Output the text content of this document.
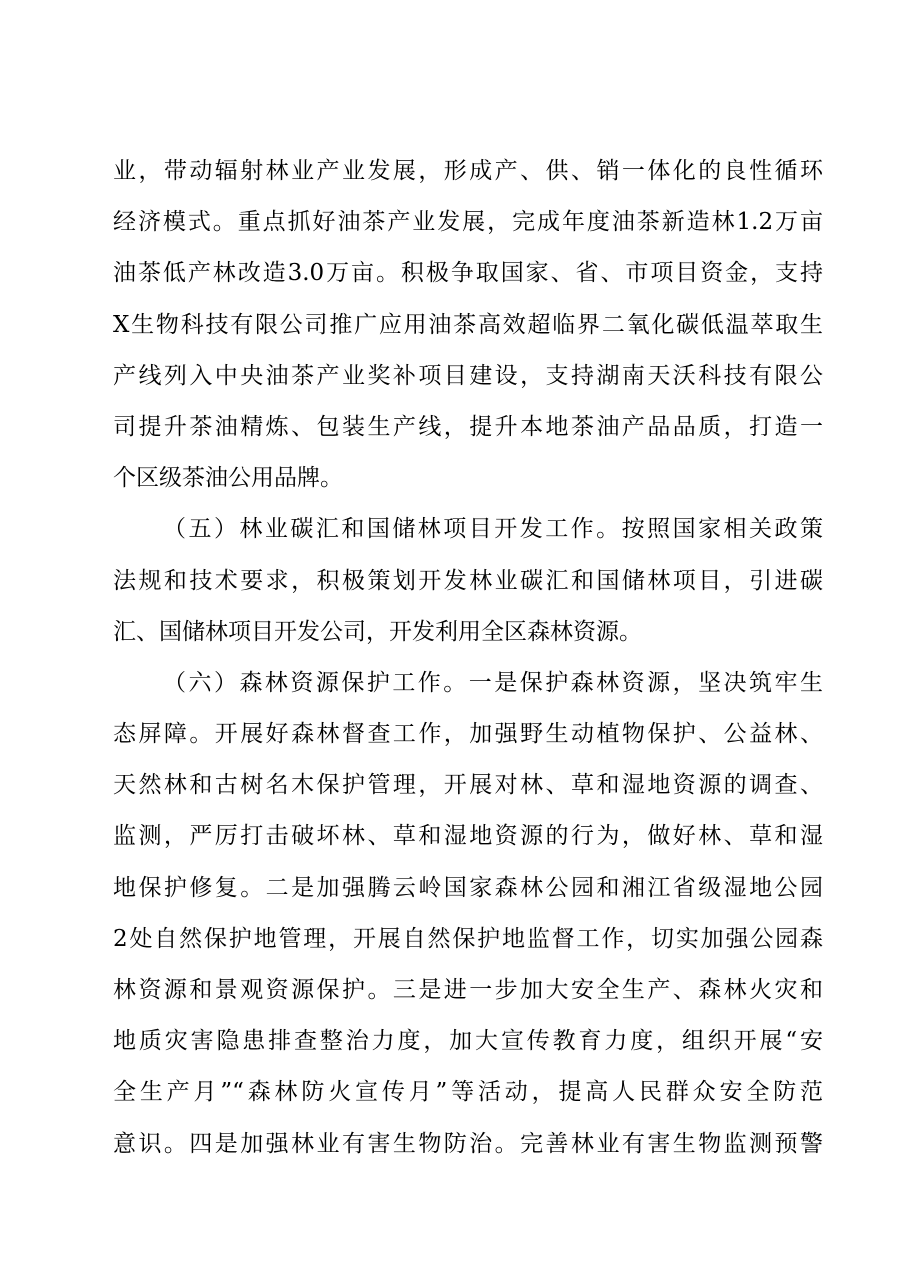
业，带动辐射林业产业发展，形成产、供、销一体化的良性循环
经济模式。重点抓好油茶产业发展，完成年度油茶新造林1.2万亩
油茶低产林改造3.0万亩。积极争取国家、省、市项目资金，支持
X生物科技有限公司推广应用油茶高效超临界二氧化碳低温萃取生
产线列入中央油茶产业奖补项目建设，支持湖南天沃科技有限公
司提升茶油精炼、包装生产线，提升本地茶油产品品质，打造一
个区级茶油公用品牌。
（五）林业碳汇和国储林项目开发工作。按照国家相关政策
法规和技术要求，积极策划开发林业碳汇和国储林项目，引进碳
汇、国储林项目开发公司，开发利用全区森林资源。
（六）森林资源保护工作。一是保护森林资源，坚决筑牢生
态屏障。开展好森林督查工作，加强野生动植物保护、公益林、
天然林和古树名木保护管理，开展对林、草和湿地资源的调查、
监测，严厉打击破坏林、草和湿地资源的行为，做好林、草和湿
地保护修复。二是加强腾云岭国家森林公园和湘江省级湿地公园
2处自然保护地管理，开展自然保护地监督工作，切实加强公园森
林资源和景观资源保护。三是进一步加大安全生产、森林火灾和
地质灾害隐患排查整治力度，加大宣传教育力度，组织开展“安
全生产月”“森林防火宣传月”等活动，提高人民群众安全防范
意识。四是加强林业有害生物防治。完善林业有害生物监测预警
